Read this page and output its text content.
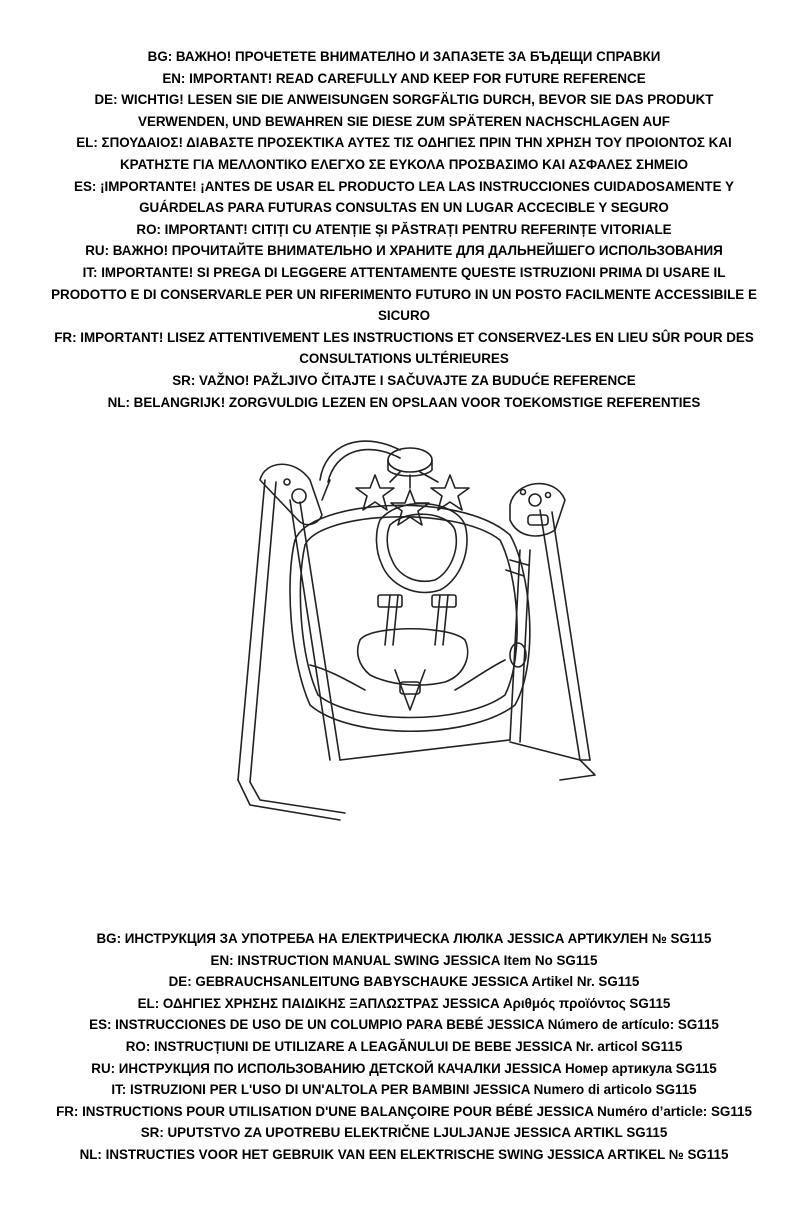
BG: ВАЖНО! ПРОЧЕТЕТЕ ВНИМАТЕЛНО И ЗАПАЗЕТЕ ЗА БЪДЕЩИ СПРАВКИ
EN: IMPORTANT! READ CAREFULLY AND KEEP FOR FUTURE REFERENCE
DE: WICHTIG! LESEN SIE DIE ANWEISUNGEN SORGFÄLTIG DURCH, BEVOR SIE DAS PRODUKT
VERWENDEN, UND BEWAHREN SIE DIESE ZUM SPÄTEREN NACHSCHLAGEN AUF
EL: ΣΠΟΥΔΑΙΟΣ! ΔΙΑΒΑΣΤΕ ΠΡΟΣΕΚΤΙΚΑ ΑΥΤΕΣ ΤΙΣ ΟΔΗΓΙΕΣ ΠΡΙΝ ΤΗΝ ΧΡΗΣΗ ΤΟΥ ΠΡΟΙΟΝΤΟΣ ΚΑΙ
ΚΡΑΤΗΣΤΕ ΓΙΑ ΜΕΛΛΟΝΤΙΚΟ ΕΛΕΓΧΟ ΣΕ ΕΥΚΟΛΑ ΠΡΟΣΒΑΣΙΜΟ ΚΑΙ ΑΣΦΑΛΕΣ ΣΗΜΕΙΟ
ES: ¡IMPORTANTE! ¡ANTES DE USAR EL PRODUCTO LEA LAS INSTRUCCIONES CUIDADOSAMENTE Y
GUÁRDELAS PARA FUTURAS CONSULTAS EN UN LUGAR ACCECIBLE Y SEGURO
RO: IMPORTANT! CITIȚI CU ATENȚIE ȘI PĂSTRAȚI PENTRU REFERINȚE VITORIALE
RU: ВАЖНО! ПРОЧИТАЙТЕ ВНИМАТЕЛЬНО И ХРАНИТЕ ДЛЯ ДАЛЬНЕЙШЕГО ИСПОЛЬЗОВАНИЯ
IT: IMPORTANTE! SI PREGA DI LEGGERE ATTENTAMENTE QUESTE ISTRUZIONI PRIMA DI USARE IL
PRODOTTO E DI CONSERVARLE PER UN RIFERIMENTO FUTURO IN UN POSTO FACILMENTE ACCESSIBILE E
SICURO
FR: IMPORTANT! LISEZ ATTENTIVEMENT LES INSTRUCTIONS ET CONSERVEZ-LES EN LIEU SÛR POUR DES
CONSULTATIONS ULTÉRIEURES
SR: VAŽNO! PAŽLJIVO ČITAJTE I SAČUVAJTE ZA BUDUĆE REFERENCE
NL: BELANGRIJK! ZORGVULDIG LEZEN EN OPSLAAN VOOR TOEKOMSTIGE REFERENTIES
BG: ИНСТРУКЦИЯ ЗА УПОТРЕБА НА ЕЛЕКТРИЧЕСКА ЛЮЛКА JESSICA АРТИКУЛЕН № SG115
EN: INSTRUCTION MANUAL SWING JESSICA Item No SG115
DE: GEBRAUCHSANLEITUNG BABYSCHAUKE JESSICA Artikel Nr. SG115
EL: ΟΔΗΓΙΕΣ ΧΡΗΣΗΣ ΠΑΙΔΙΚΗΣ ΞΑΠΛΩΣΤΡΑΣ JESSICA Αριθμός προϊόντος SG115
ES: INSTRUCCIONES DE USO DE UN COLUMPIO PARA BEBÉ JESSICA Número de artículo: SG115
RO: INSTRUCȚIUNI DE UTILIZARE A LEAGĂNULUI DE BEBE JESSICA Nr. articol SG115
RU: ИНСТРУКЦИЯ ПО ИСПОЛЬЗОВАНИЮ ДЕТСКОЙ КАЧАЛКИ JESSICA Номер артикула SG115
IT: ISTRUZIONI PER L'USO DI UN'ALTOLA PER BAMBINI JESSICA Numero di articolo SG115
FR: INSTRUCTIONS POUR UTILISATION D'UNE BALANÇOIRE POUR BÉBÉ JESSICA Numéro d’article: SG115
SR: UPUTSTVO ZA UPOTREBU ELEKTRIČNE LJULJANJE JESSICA ARTIKL SG115
NL: INSTRUCTIES VOOR HET GEBRUIK VAN EEN ELEKTRISCHE SWING JESSICA ARTIKEL № SG115
